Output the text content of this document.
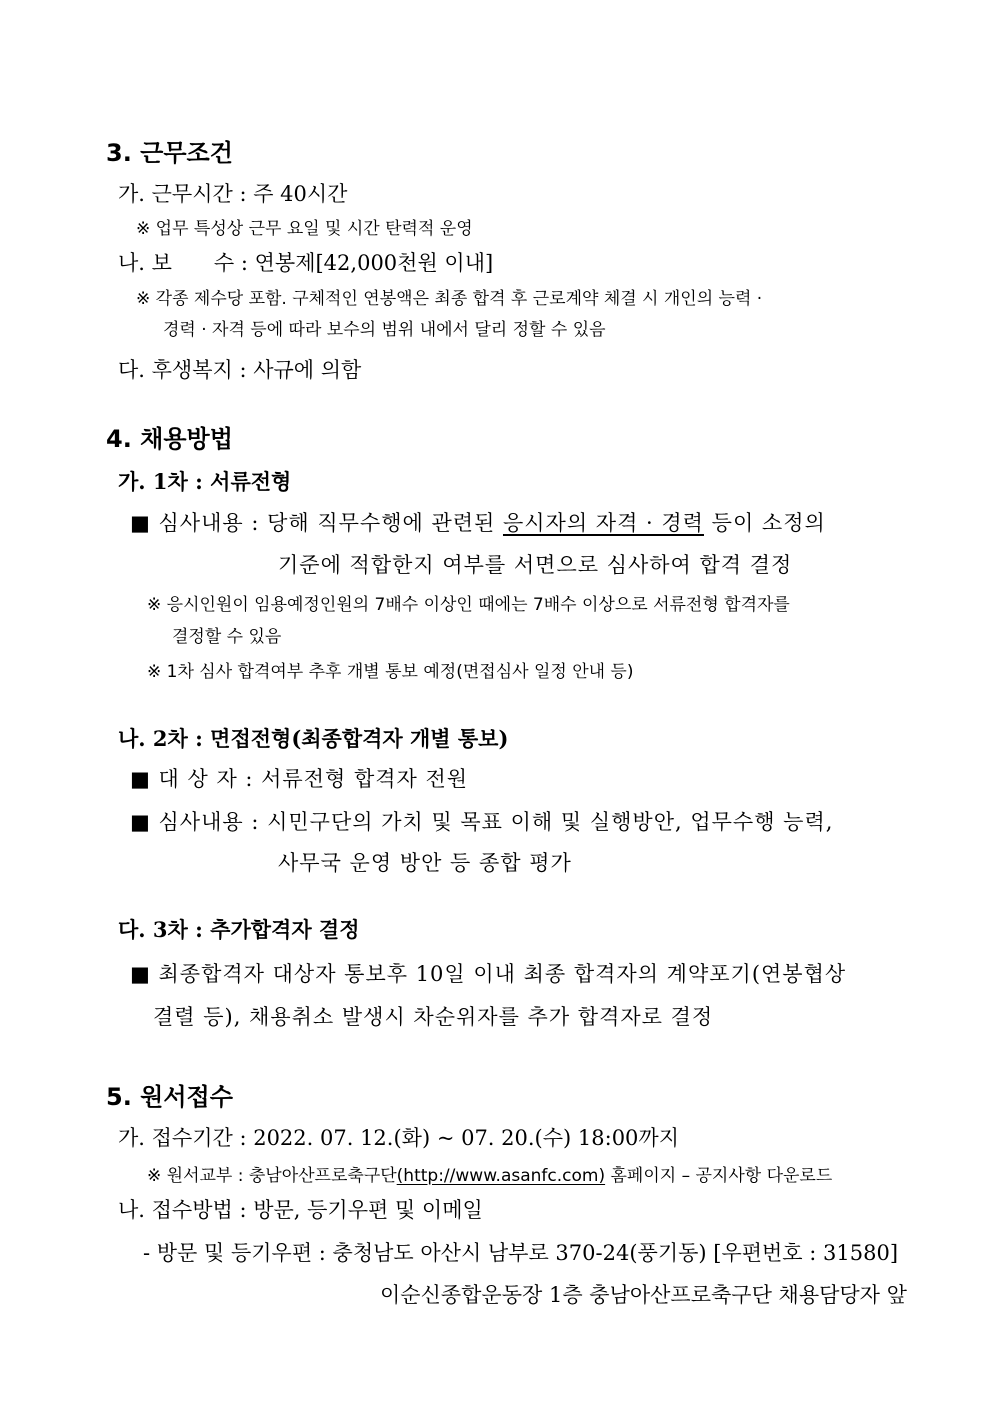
3. 근무조건
가. 근무시간 : 주 40시간
※ 업무 특성상 근무 요일 및 시간 탄력적 운영
나. 보　　수 : 연봉제[42,000천원 이내]
※ 각종 제수당 포함. 구체적인 연봉액은 최종 합격 후 근로계약 체결 시 개인의 능력 ·
경력 · 자격 등에 따라 보수의 범위 내에서 달리 정할 수 있음
다. 후생복지 : 사규에 의함
4. 채용방법
가. 1차 : 서류전형
■ 심사내용 : 당해 직무수행에 관련된 응시자의 자격 · 경력 등이 소정의
기준에 적합한지 여부를 서면으로 심사하여 합격 결정
※ 응시인원이 임용예정인원의 7배수 이상인 때에는 7배수 이상으로 서류전형 합격자를
결정할 수 있음
※ 1차 심사 합격여부 추후 개별 통보 예정(면접심사 일정 안내 등)
나. 2차 : 면접전형(최종합격자 개별 통보)
■ 대 상 자 : 서류전형 합격자 전원
■ 심사내용 : 시민구단의 가치 및 목표 이해 및 실행방안, 업무수행 능력,
사무국 운영 방안 등 종합 평가
다. 3차 : 추가합격자 결정
■ 최종합격자 대상자 통보후 10일 이내 최종 합격자의 계약포기(연봉협상
결렬 등), 채용취소 발생시 차순위자를 추가 합격자로 결정
5. 원서접수
가. 접수기간 : 2022. 07. 12.(화) ~ 07. 20.(수) 18:00까지
※ 원서교부 : 충남아산프로축구단(http://www.asanfc.com) 홈페이지 – 공지사항 다운로드
나. 접수방법 : 방문, 등기우편 및 이메일
- 방문 및 등기우편 : 충청남도 아산시 남부로 370-24(풍기동) [우편번호 : 31580]
이순신종합운동장 1층 충남아산프로축구단 채용담당자 앞
